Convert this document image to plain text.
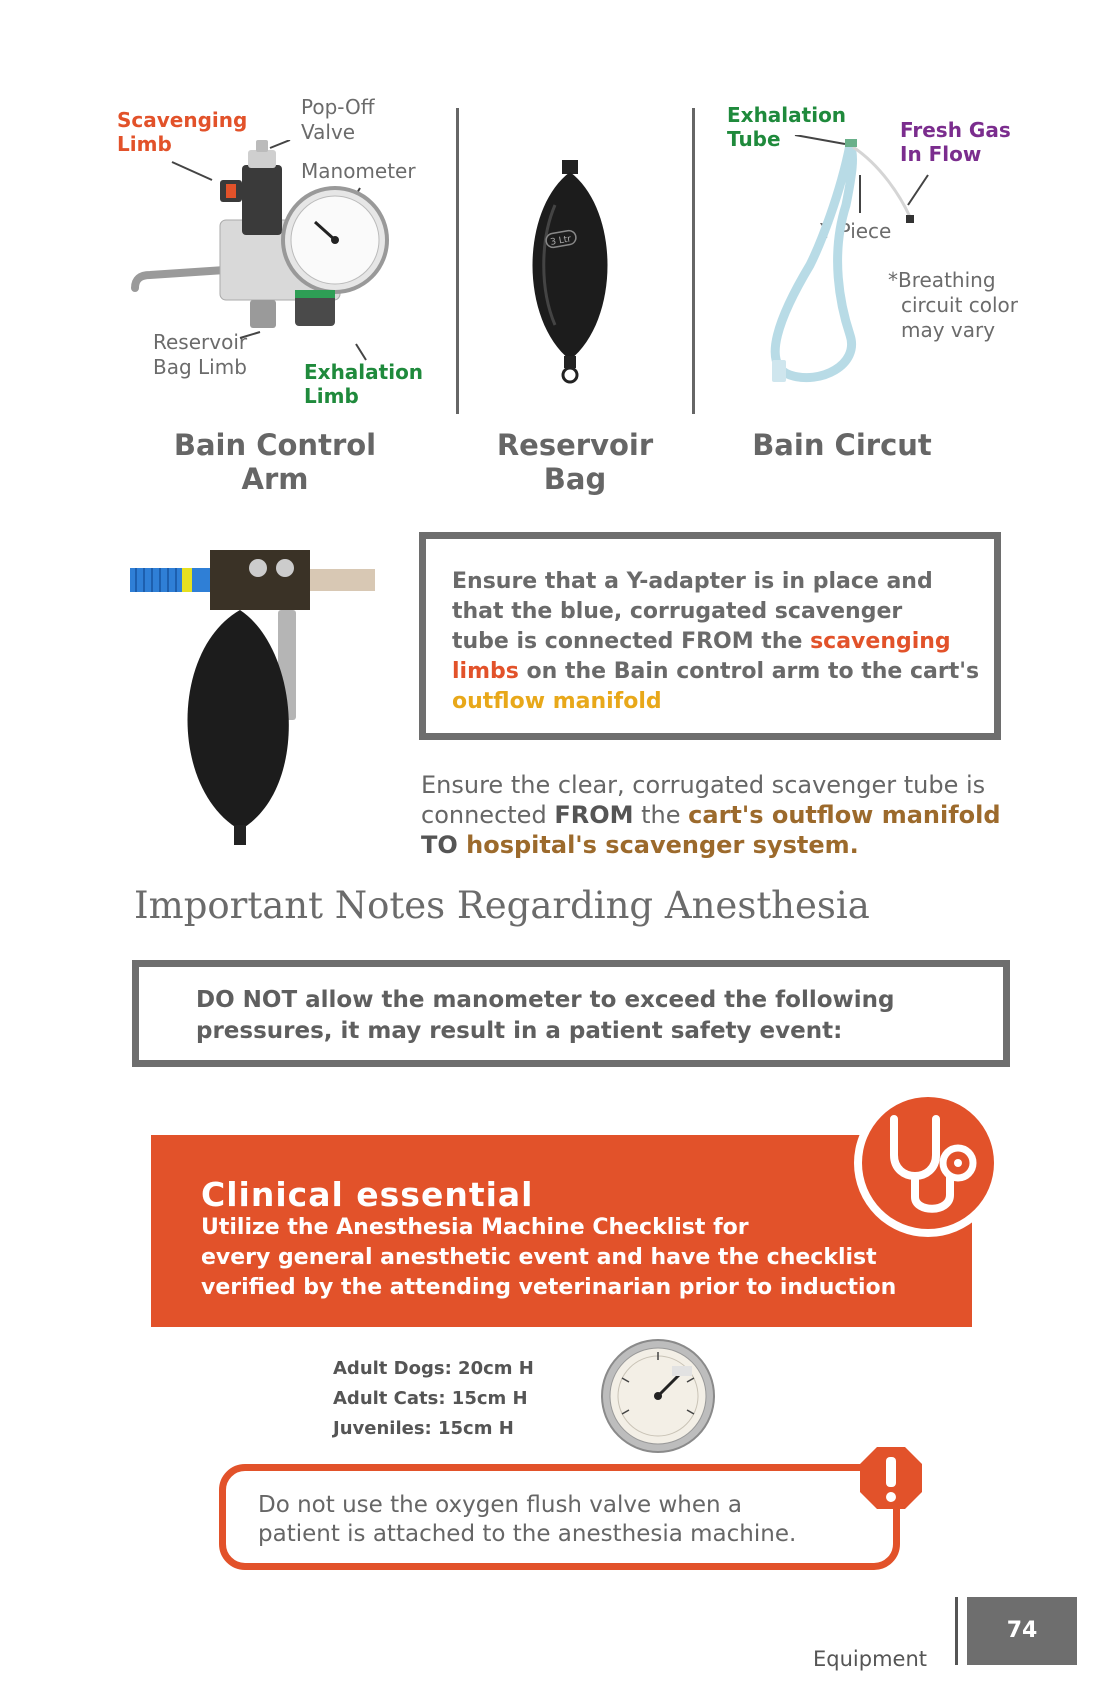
Scavenging
Limb
Pop-Off
Valve
Manometer
Reservoir
Bag Limb	Exhalation
Limb
Bain Control Arm
3 Ltr
Reservoir
Bag
Exhalation
Tube	Fresh Gas
In Flow
Y Piece
*Breathing
circuit color
may vary
Bain Circut
Ensure that a Y-adapter is in place and
that the blue, corrugated scavenger
tube is connected FROM the scavenging
limbs on the Bain control arm to the cart's
outflow manifold
Ensure the clear, corrugated scavenger tube is
connected FROM the cart's outflow manifold
TO hospital's scavenger system.
Important Notes Regarding Anesthesia
DO NOT allow the manometer to exceed the following
pressures, it may result in a patient safety event:
Clinical essential
Utilize the Anesthesia Machine Checklist for
every general anesthetic event and have the checklist
verified by the attending veterinarian prior to induction
Adult Dogs: 20cm H
Adult Cats: 15cm H
Juveniles: 15cm H
Do not use the oxygen flush valve when a
patient is attached to the anesthesia machine.
Equipment
74
